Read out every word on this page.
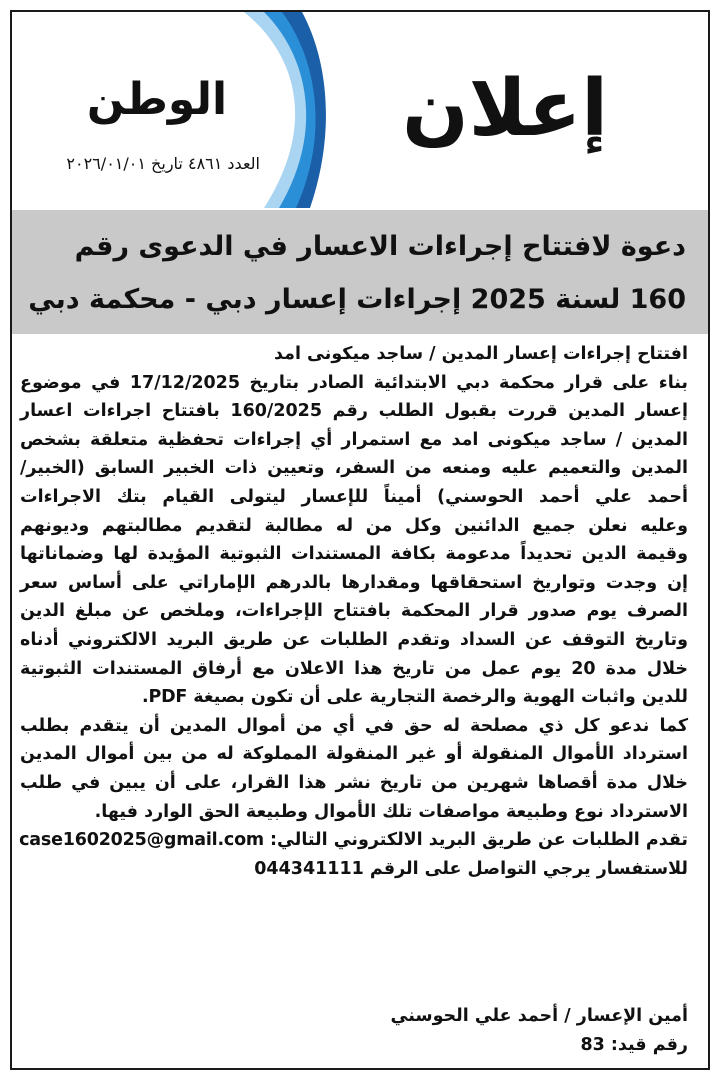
إعلان
الوطن
العدد ٤٨٦١ تاريخ ٢٠٢٦/٠١/٠١
دعوة لافتتاح إجراءات الاعسار في الدعوى رقم
160 لسنة 2025 إجراءات إعسار دبي - محكمة دبي
افتتاح إجراءات إعسار المدين / ساجد ميكونى امد
بناء على قرار محكمة دبي الابتدائية الصادر بتاريخ 17/12/2025 في موضوع
إعسار المدين قررت بقبول الطلب رقم 160/2025 بافتتاح اجراءات اعسار
المدين / ساجد ميكونى امد مع استمرار أي إجراءات تحفظية متعلقة بشخص
المدين والتعميم عليه ومنعه من السفر، وتعيين ذات الخبير السابق (الخبير/
أحمد علي أحمد الحوسني) أميناً للإعسار ليتولى القيام بتك الاجراءات
وعليه نعلن جميع الدائنين وكل من له مطالبة لتقديم مطالبتهم وديونهم
وقيمة الدين تحديداً مدعومة بكافة المستندات الثبوتية المؤيدة لها وضماناتها
إن وجدت وتواريخ استحقاقها ومقدارها بالدرهم الإماراتي على أساس سعر
الصرف يوم صدور قرار المحكمة بافتتاح الإجراءات، وملخص عن مبلغ الدين
وتاريخ التوقف عن السداد وتقدم الطلبات عن طريق البريد الالكتروني أدناه
خلال مدة 20 يوم عمل من تاريخ هذا الاعلان مع أرفاق المستندات الثبوتية
للدين واثبات الهوية والرخصة التجارية على أن تكون بصيغة PDF.
كما ندعو كل ذي مصلحة له حق في أي من أموال المدين أن يتقدم بطلب
استرداد الأموال المنقولة أو غير المنقولة المملوكة له من بين أموال المدين
خلال مدة أقصاها شهرين من تاريخ نشر هذا القرار، على أن يبين في طلب
الاسترداد نوع وطبيعة مواصفات تلك الأموال وطبيعة الحق الوارد فيها.
تقدم الطلبات عن طريق البريد الالكتروني التالي: case1602025@gmail.com
للاستفسار يرجي التواصل على الرقم 044341111
أمين الإعسار / أحمد علي الحوسني
رقم قيد: 83
